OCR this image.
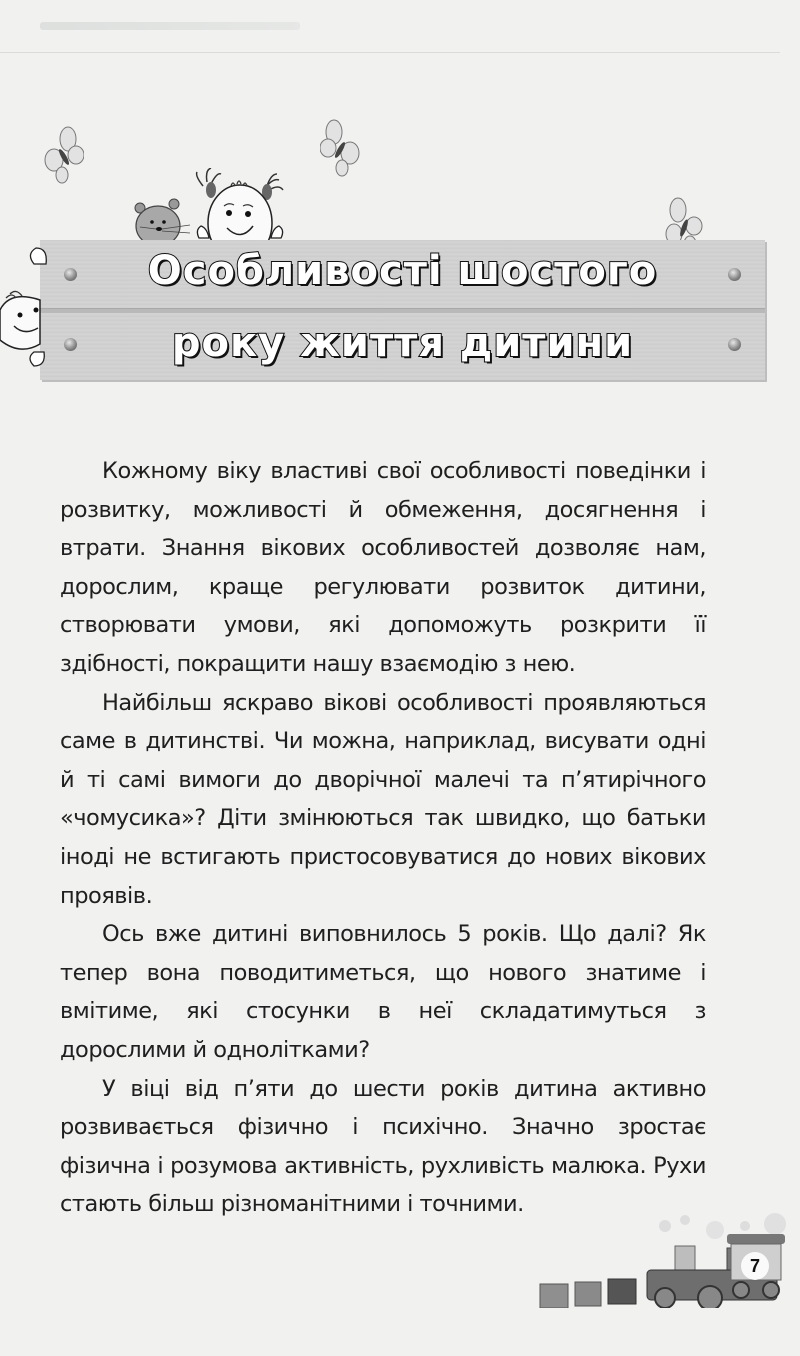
Особливості шостого
року життя дитини

Кожному віку властиві свої особливості поведінки і розвитку, можливості й обмеження, досягнення і втрати. Знання вікових особливостей дозволяє нам, дорослим, краще регулювати розвиток дитини, створювати умови, які допоможуть розкрити її здібності, покращити нашу взаємодію з нею.

Найбільш яскраво вікові особливості проявляються саме в дитинстві. Чи можна, наприклад, висувати одні й ті самі вимоги до дворічної малечі та п’ятирічного «чомусика»? Діти змінюються так швидко, що батьки іноді не встигають пристосовуватися до нових вікових проявів.

Ось вже дитині виповнилось 5 років. Що далі? Як тепер вона поводитиметься, що нового знатиме і вмітиме, які стосунки в неї складатимуться з дорослими й однолітками?

У віці від п’яти до шести років дитина активно розвивається фізично і психічно. Значно зростає фізична і розумова активність, рухливість малюка. Рухи стають більш різноманітними і точними.

7
